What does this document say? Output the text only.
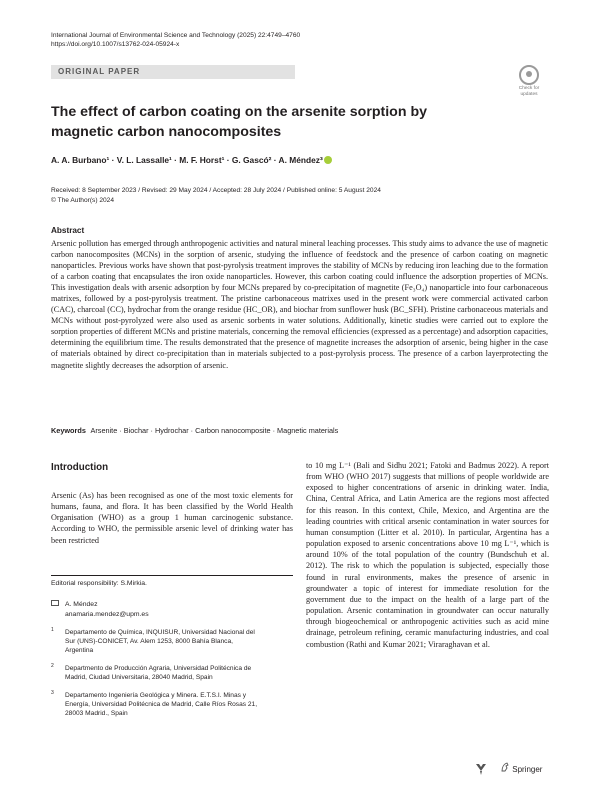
International Journal of Environmental Science and Technology (2025) 22:4749–4760
https://doi.org/10.1007/s13762-024-05924-x
ORIGINAL PAPER
Check for
updates
The effect of carbon coating on the arsenite sorption by magnetic carbon nanocomposites
A. A. Burbano¹ · V. L. Lassalle¹ · M. F. Horst¹ · G. Gascó² · A. Méndez³
Received: 8 September 2023 / Revised: 29 May 2024 / Accepted: 28 July 2024 / Published online: 5 August 2024
© The Author(s) 2024
Abstract

Arsenic pollution has emerged through anthropogenic activities and natural mineral leaching processes. This study aims to advance the use of magnetic carbon nanocomposites (MCNs) in the sorption of arsenic, studying the influence of feedstock and the presence of carbon coating on magnetic nanoparticles. Previous works have shown that post-pyrolysis treatment improves the stability of MCNs by reducing iron leaching due to the formation of a carbon coating that encapsulates the iron oxide nanoparticles. However, this carbon coating could influence the adsorption properties of MCNs. This investigation deals with arsenic adsorption by four MCNs prepared by co-precipitation of magnetite (Fe₃O₄) nanoparticle into four carbonaceous matrixes, followed by a post-pyrolysis treatment. The pristine carbonaceous matrixes used in the present work were commercial activated carbon (CAC), charcoal (CC), hydrochar from the orange residue (HC_OR), and biochar from sunflower husk (BC_SFH). Pristine carbonaceous materials and MCNs without post-pyrolyzed were also used as arsenic sorbents in water solutions. Additionally, kinetic studies were carried out to explore the sorption properties of different MCNs and pristine materials, concerning the removal efficiencies (expressed as a percentage) and adsorption capacities, determining the equilibrium time. The results demonstrated that the presence of magnetite increases the adsorption of arsenic, being higher in the case of materials obtained by direct co-precipitation than in materials subjected to a post-pyrolysis process. The presence of a carbon layerprotecting the magnetite slightly decreases the adsorption of arsenic.

Keywords Arsenite · Biochar · Hydrochar · Carbon nanocomposite · Magnetic materials
Introduction

Arsenic (As) has been recognised as one of the most toxic elements for humans, fauna, and flora. It has been classified by the World Health Organisation (WHO) as a group 1 human carcinogenic substance. According to WHO, the permissible arsenic level of drinking water has been restricted

to 10 mg L⁻¹ (Bali and Sidhu 2021; Fatoki and Badmus 2022). A report from WHO (WHO 2017) suggests that millions of people worldwide are exposed to higher concentrations of arsenic in drinking water. India, China, Central Africa, and Latin America are the regions most affected for this reason. In this context, Chile, Mexico, and Argentina are the leading countries with critical arsenic contamination in water sources for human consumption (Litter et al. 2010). In particular, Argentina has a population exposed to arsenic concentrations above 10 mg L⁻¹, which is around 10% of the total population of the country (Bundschuh et al. 2012). The risk to which the population is subjected, especially those found in rural environments, makes the presence of arsenic in groundwater a topic of interest for immediate resolution for the government due to the impact on the health of a large part of the population. Arsenic contamination in groundwater can occur naturally through biogeochemical or anthropogenic activities such as acid mine drainage, petroleum refining, ceramic manufacturing industries, and coal combustion (Rathi and Kumar 2021; Viraraghavan et al.

Editorial responsibility: S.Mirkia.
A. Méndez
anamaria.mendez@upm.es
1 Departamento de Química, INQUISUR, Universidad Nacional del Sur (UNS)-CONICET, Av. Alem 1253, 8000 Bahía Blanca, Argentina
2 Departmento de Producción Agraria, Universidad Politécnica de Madrid, Ciudad Universitaria, 28040 Madrid, Spain
3 Departamento Ingeniería Geológica y Minera. E.T.S.I. Minas y Energía, Universidad Politécnica de Madrid, Calle Ríos Rosas 21, 28003 Madrid., Spain
Springer
